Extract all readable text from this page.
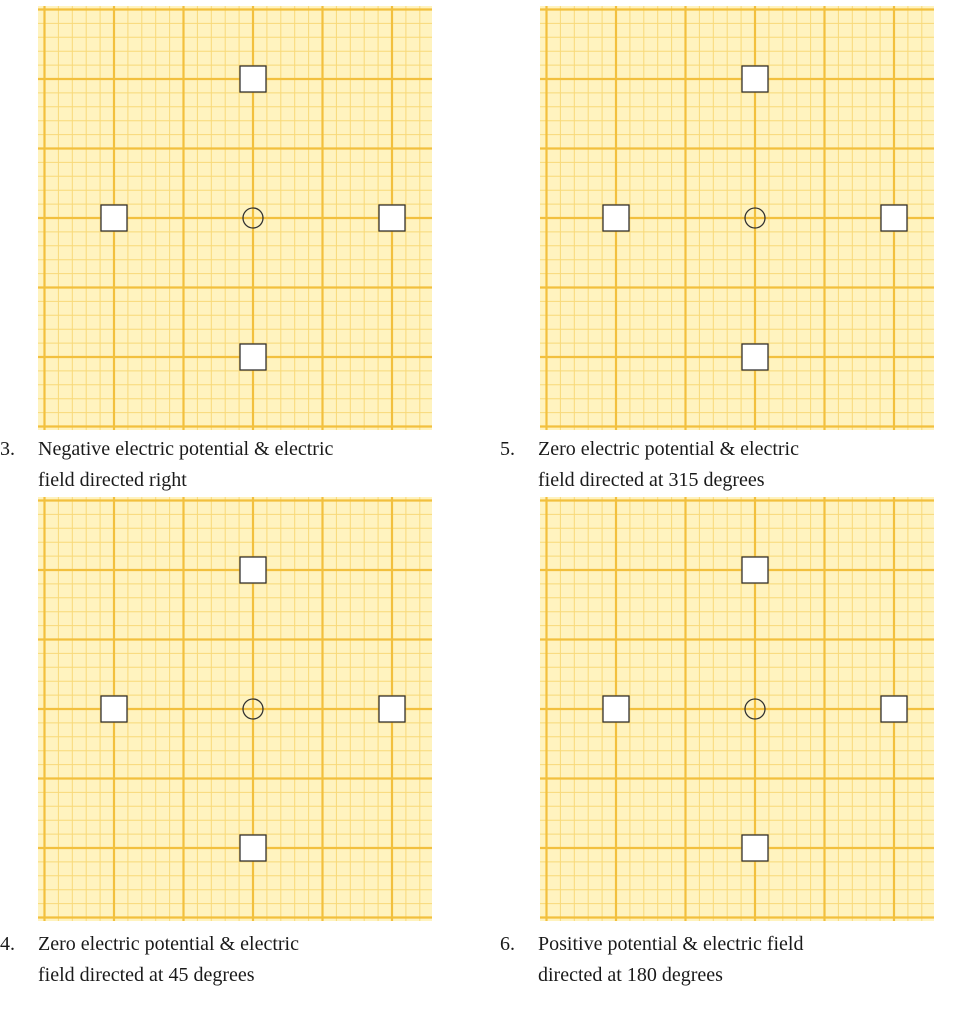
3.	Negative electric potential & electric
field directed right
5.	Zero electric potential & electric
field directed at 315 degrees
4.	Zero electric potential & electric
field directed at 45 degrees
6.	Positive potential & electric field
directed at 180 degrees
